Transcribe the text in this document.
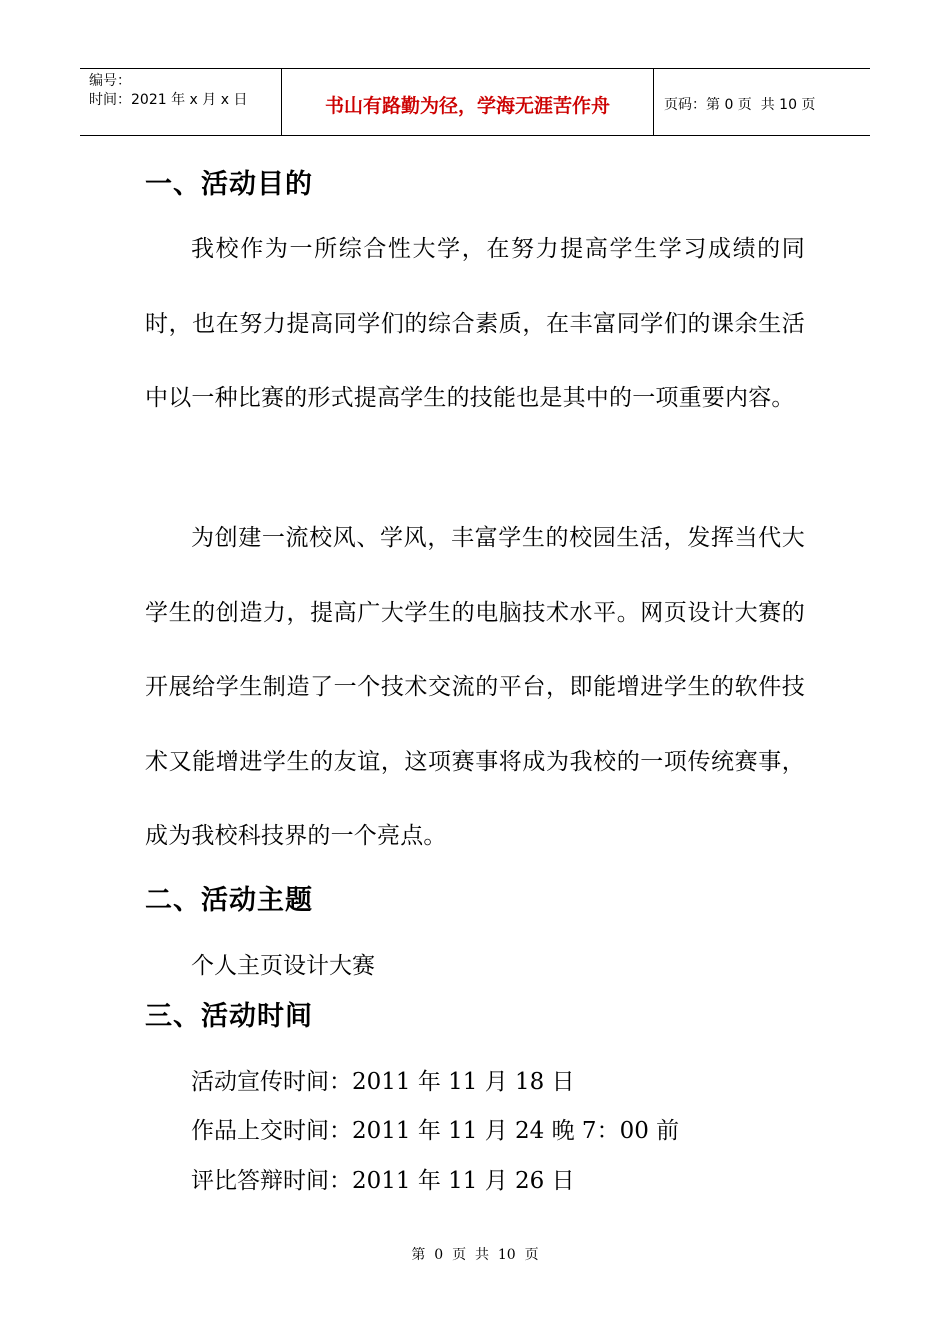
编号：
时间：2021 年 x 月 x 日	书山有路勤为径，学海无涯苦作舟	页码：第 0 页  共 10 页
一、活动目的

我校作为一所综合性大学，在努力提高学生学习成绩的同时，也在努力提高同学们的综合素质，在丰富同学们的课余生活中以一种比赛的形式提高学生的技能也是其中的一项重要内容。

为创建一流校风、学风，丰富学生的校园生活，发挥当代大学生的创造力，提高广大学生的电脑技术水平。网页设计大赛的开展给学生制造了一个技术交流的平台，即能增进学生的软件技术又能增进学生的友谊，这项赛事将成为我校的一项传统赛事，成为我校科技界的一个亮点。

二、活动主题

个人主页设计大赛

三、活动时间

活动宣传时间：2011 年 11 月 18 日

作品上交时间：2011 年 11 月 24 晚 7：00 前

评比答辩时间：2011 年 11 月 26 日

第  0  页  共  10  页
